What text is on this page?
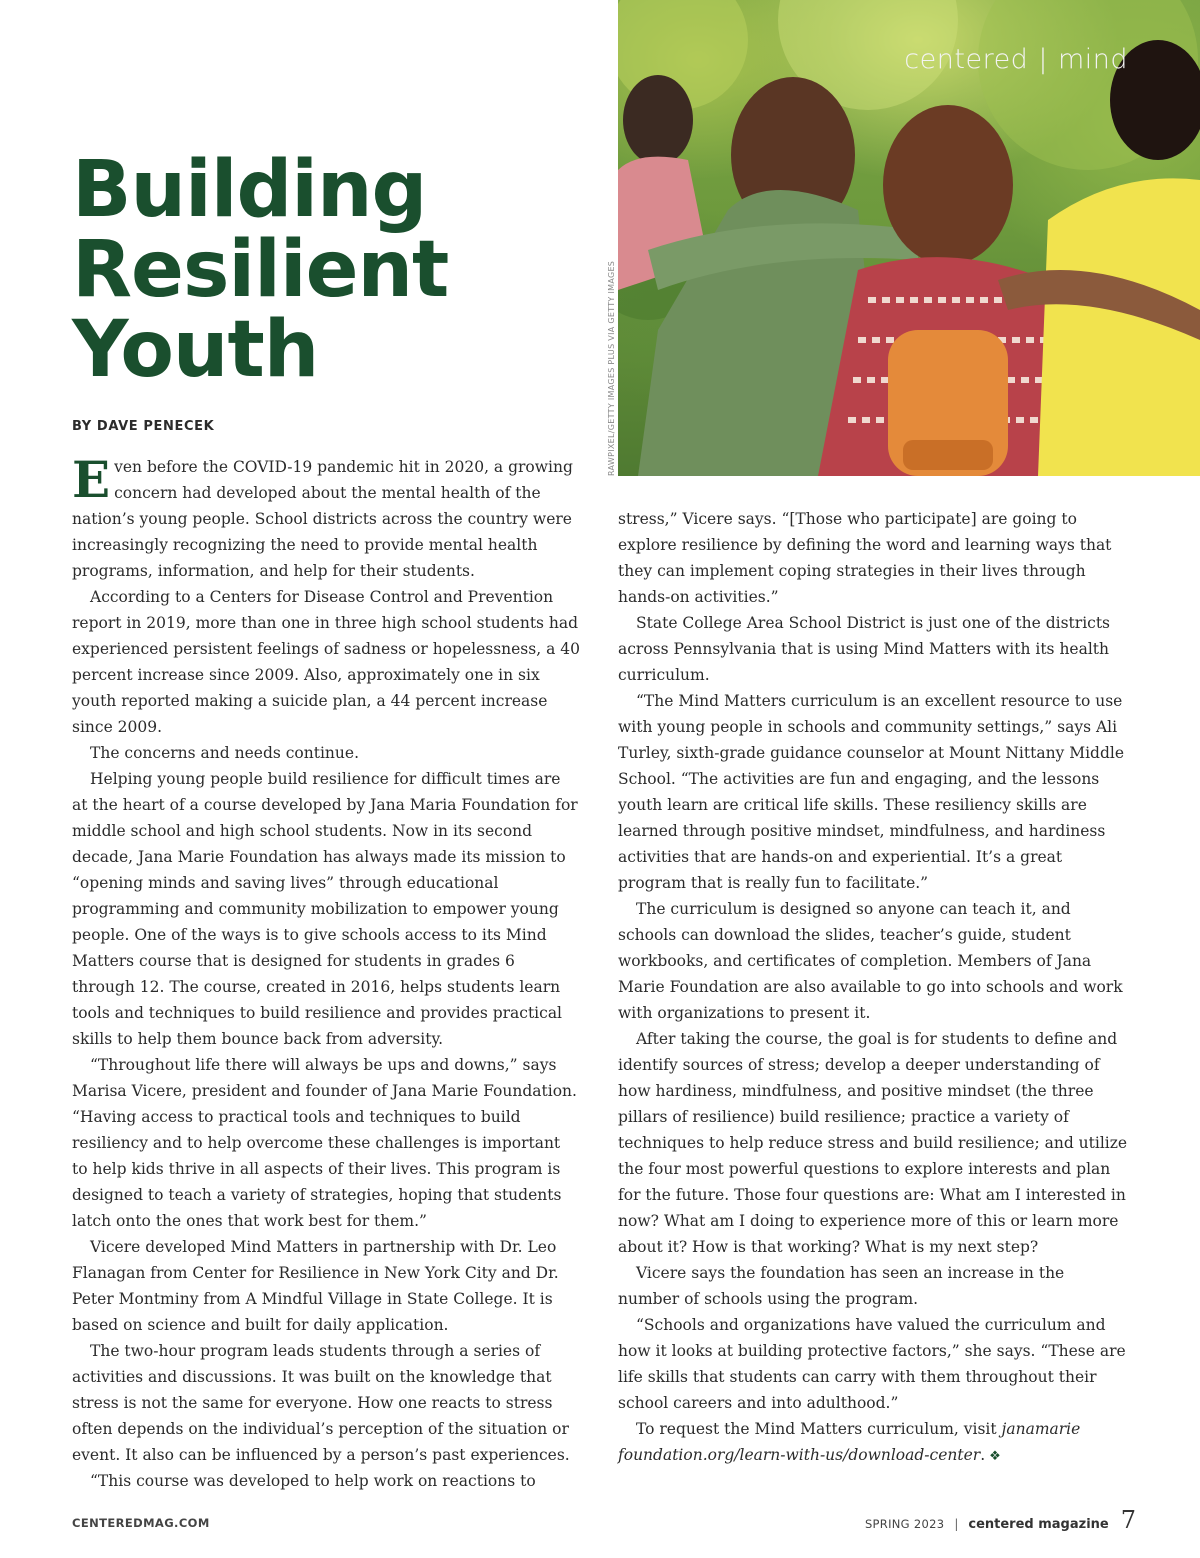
centered | mind
RAWPIXEL/GETTY IMAGES PLUS VIA GETTY IMAGES
Building
Resilient
Youth
BY DAVE PENECEK

Even before the COVID-19 pandemic hit in 2020, a growing concern had developed about the mental health of the nation’s young people. School districts across the country were increasingly recognizing the need to provide mental health programs, information, and help for their students.

According to a Centers for Disease Control and Prevention report in 2019, more than one in three high school students had experienced persistent feelings of sadness or hopelessness, a 40 percent increase since 2009. Also, approximately one in six youth reported making a suicide plan, a 44 percent increase since 2009.

The concerns and needs continue.

Helping young people build resilience for difficult times are at the heart of a course developed by Jana Maria Foundation for middle school and high school students. Now in its second decade, Jana Marie Foundation has always made its mission to “opening minds and saving lives” through educational programming and community mobilization to empower young people. One of the ways is to give schools access to its Mind Matters course that is designed for students in grades 6 through 12. The course, created in 2016, helps students learn tools and techniques to build resilience and provides practical skills to help them bounce back from adversity.

“Throughout life there will always be ups and downs,” says Marisa Vicere, president and founder of Jana Marie Foundation. “Having access to practical tools and techniques to build resiliency and to help overcome these challenges is important to help kids thrive in all aspects of their lives. This program is designed to teach a variety of strategies, hoping that students latch onto the ones that work best for them.”

Vicere developed Mind Matters in partnership with Dr. Leo Flanagan from Center for Resilience in New York City and Dr. Peter Montminy from A Mindful Village in State College. It is based on science and built for daily application.

The two-hour program leads students through a series of activities and discussions. It was built on the knowledge that stress is not the same for everyone. How one reacts to stress often depends on the individual’s perception of the situation or event. It also can be influenced by a person’s past experiences.

“This course was developed to help work on reactions to

stress,” Vicere says. “[Those who participate] are going to explore resilience by defining the word and learning ways that they can implement coping strategies in their lives through hands-on activities.”

State College Area School District is just one of the districts across Pennsylvania that is using Mind Matters with its health curriculum.

“The Mind Matters curriculum is an excellent resource to use with young people in schools and community settings,” says Ali Turley, sixth-grade guidance counselor at Mount Nittany Middle School. “The activities are fun and engaging, and the lessons youth learn are critical life skills. These resiliency skills are learned through positive mindset, mindfulness, and hardiness activities that are hands-on and experiential. It’s a great program that is really fun to facilitate.”

The curriculum is designed so anyone can teach it, and schools can download the slides, teacher’s guide, student workbooks, and certificates of completion. Members of Jana Marie Foundation are also available to go into schools and work with organizations to present it.

After taking the course, the goal is for students to define and identify sources of stress; develop a deeper understanding of how hardiness, mindfulness, and positive mindset (the three pillars of resilience) build resilience; practice a variety of techniques to help reduce stress and build resilience; and utilize the four most powerful questions to explore interests and plan for the future. Those four questions are: What am I interested in now? What am I doing to experience more of this or learn more about it? How is that working? What is my next step?

Vicere says the foundation has seen an increase in the number of schools using the program.

“Schools and organizations have valued the curriculum and how it looks at building protective factors,” she says. “These are life skills that students can carry with them throughout their school careers and into adulthood.”

To request the Mind Matters curriculum, visit janamarie foundation.org/learn-with-us/download-center. ❖

CENTEREDMAG.COM	SPRING 2023 | centered magazine 7
